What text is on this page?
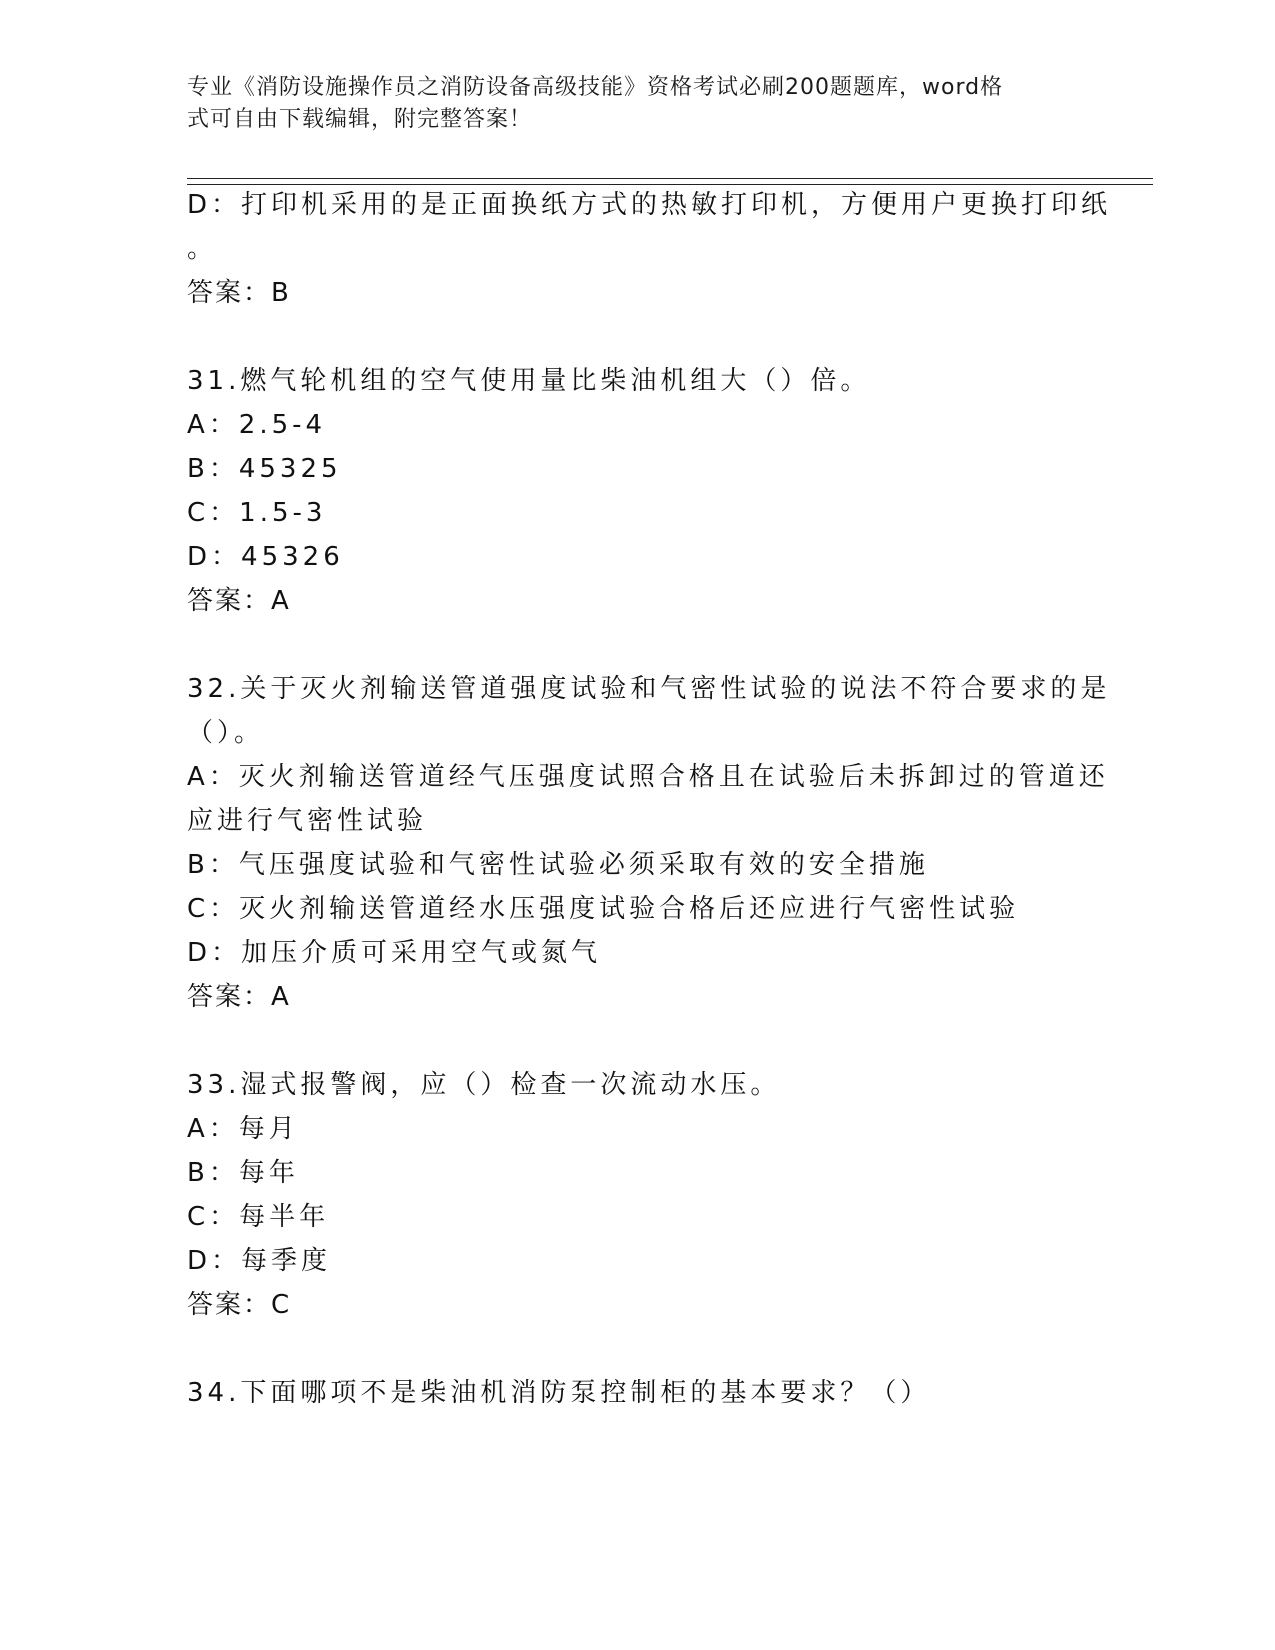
专业《消防设施操作员之消防设备高级技能》资格考试必刷200题题库，word格
式可自由下载编辑，附完整答案！
D：打印机采用的是正面换纸方式的热敏打印机，方便用户更换打印纸
。
答案：B
31.燃气轮机组的空气使用量比柴油机组大（）倍。
A：2.5-4
B：45325
C：1.5-3
D：45326
答案：A
32.关于灭火剂输送管道强度试验和气密性试验的说法不符合要求的是
（）。
A：灭火剂输送管道经气压强度试照合格且在试验后未拆卸过的管道还
应进行气密性试验
B：气压强度试验和气密性试验必须采取有效的安全措施
C：灭火剂输送管道经水压强度试验合格后还应进行气密性试验
D：加压介质可采用空气或氮气
答案：A
33.湿式报警阀，应（）检查一次流动水压。
A：每月
B：每年
C：每半年
D：每季度
答案：C
34.下面哪项不是柴油机消防泵控制柜的基本要求？（）
